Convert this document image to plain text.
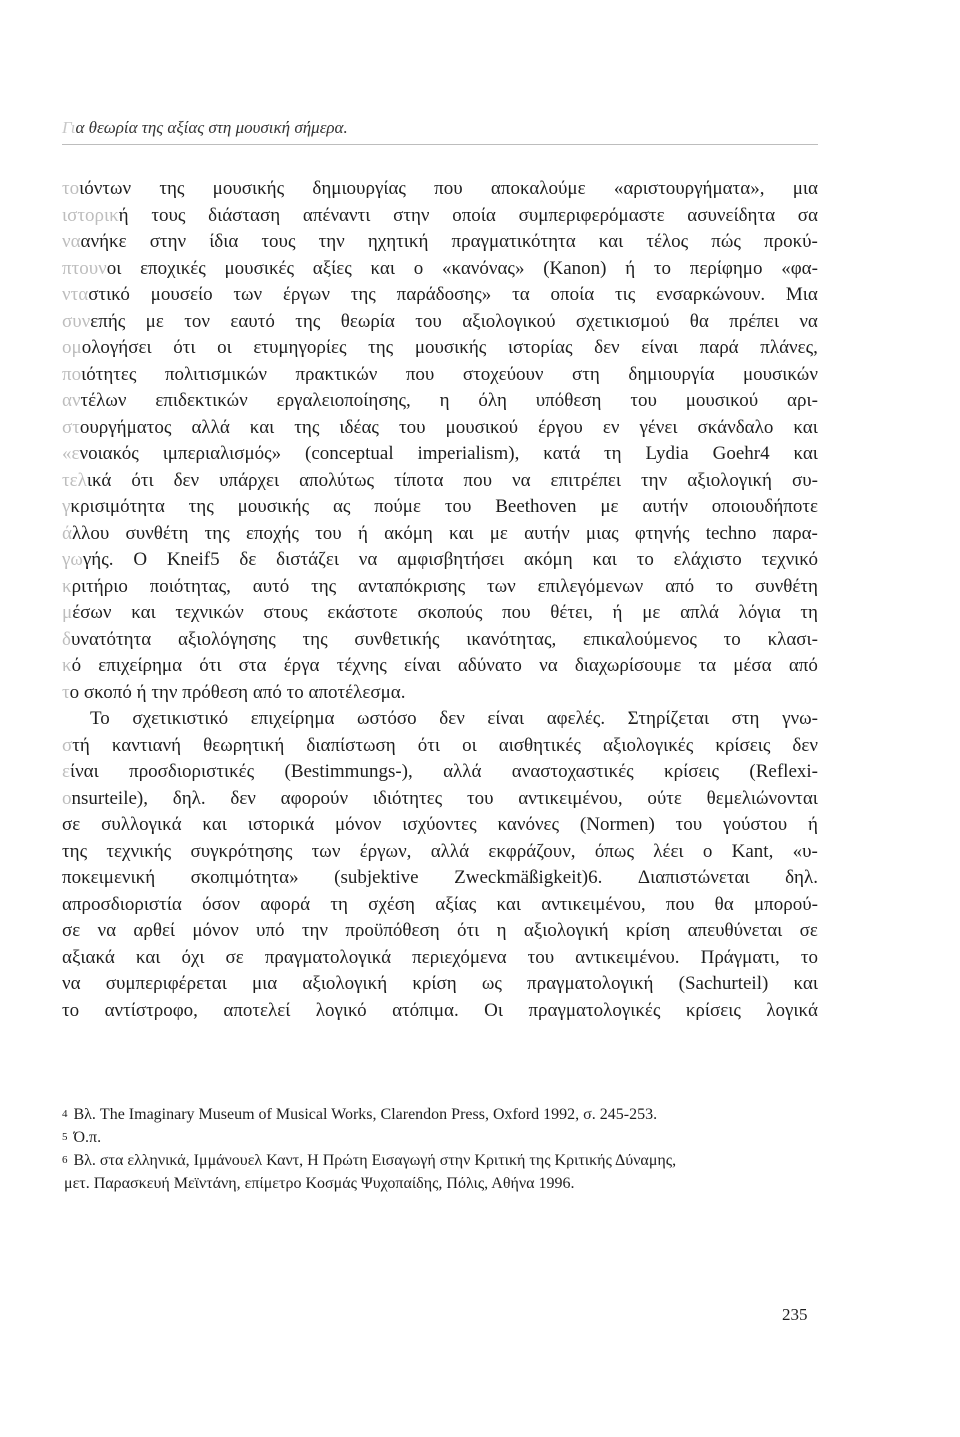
Για θεωρία της αξίας στη μουσική σήμερα.
το ιόντων της μουσικής δημιουργίας που αποκαλούμε «αριστουργήματα», μια
ιστορικ ή τους διάσταση απέναντι στην οποία συμπεριφερόμαστε ασυνείδητα σα
να ανήκε στην ίδια τους την ηχητική πραγματικότητα και τέλος πώς προκύ-
πτουν οι εποχικές μουσικές αξίες και ο «κανόνας» (Kanon) ή το περίφημο «φα-
ντα στικό μουσείο των έργων της παράδοσης» τα οποία τις ενσαρκώνουν. Μια
συν επής με τον εαυτό της θεωρία του αξιολογικού σχετικισμού θα πρέπει να
ομ ολογήσει ότι οι ετυμηγορίες της μουσικής ιστορίας δεν είναι παρά πλάνες,
πο ιότητες πολιτισμικών πρακτικών που στοχεύουν στη δημιουργία μουσικών
αν τέλων επιδεκτικών εργαλειοποίησης, η όλη υπόθεση του μουσικού αρι-
στ ουργήματος αλλά και της ιδέας του μουσικού έργου εν γένει σκάνδαλο και
«ε νοιακός ιμπεριαλισμός» (conceptual imperialism), κατά τη Lydia Goehr4 και
τελ ικά ότι δεν υπάρχει απολύτως τίποτα που να επιτρέπει την αξιολογική συ-
γ κρισιμότητα της μουσικής ας πούμε του Beethoven με αυτήν οποιουδήποτε
ά λλου συνθέτη της εποχής του ή ακόμη και με αυτήν μιας φτηνής techno παρα-
γω γής. Ο Kneif5 δε διστάζει να αμφισβητήσει ακόμη και το ελάχιστο τεχνικό
κ ριτήριο ποιότητας, αυτό της ανταπόκρισης των επιλεγόμενων από το συνθέτη
μ έσων και τεχνικών στους εκάστοτε σκοπούς που θέτει, ή με απλά λόγια τη
δ υνατότητα αξιολόγησης της συνθετικής ικανότητας, επικαλούμενος το κλασι-
κ ό επιχείρημα ότι στα έργα τέχνης είναι αδύνατο να διαχωρίσουμε τα μέσα από
τ ο σκοπό ή την πρόθεση από το αποτέλεσμα.
Το σχετικιστικό επιχείρημα ωστόσο δεν είναι αφελές. Στηρίζεται στη γνω-
σ τή καντιανή θεωρητική διαπίστωση ότι οι αισθητικές αξιολογικές κρίσεις δεν
ε ίναι προσδιοριστικές (Bestimmungs-), αλλά αναστοχαστικές κρίσεις (Reflexi-
o nsurteile), δηλ. δεν αφορούν ιδιότητες του αντικειμένου, ούτε θεμελιώνονται
σε συλλογικά και ιστορικά μόνον ισχύοντες κανόνες (Normen) του γούστου ή
της τεχνικής συγκρότησης των έργων, αλλά εκφράζουν, όπως λέει ο Kant, «υ-
ποκειμενική σκοπιμότητα» (subjektive Zweckmäßigkeit)6. Διαπιστώνεται δηλ.
απροσδιοριστία όσον αφορά τη σχέση αξίας και αντικειμένου, που θα μπορού-
σε να αρθεί μόνον υπό την προϋπόθεση ότι η αξιολογική κρίση απευθύνεται σε
αξιακά και όχι σε πραγματολογικά περιεχόμενα του αντικειμένου. Πράγματι, το
να συμπεριφέρεται μια αξιολογική κρίση ως πραγματολογική (Sachurteil) και
το αντίστροφο, αποτελεί λογικό ατόπιμα. Οι πραγματολογικές κρίσεις λογικά
4 Βλ. The Imaginary Museum of Musical Works, Clarendon Press, Oxford 1992, σ. 245-253.
5 Ό.π.
6 Βλ. στα ελληνικά, Ιμμάνουελ Καντ, Η Πρώτη Εισαγωγή στην Κριτική της Κριτικής Δύναμης,
μετ. Παρασκευή Μεϊντάνη, επίμετρο Κοσμάς Ψυχοπαίδης, Πόλις, Αθήνα 1996.
235
